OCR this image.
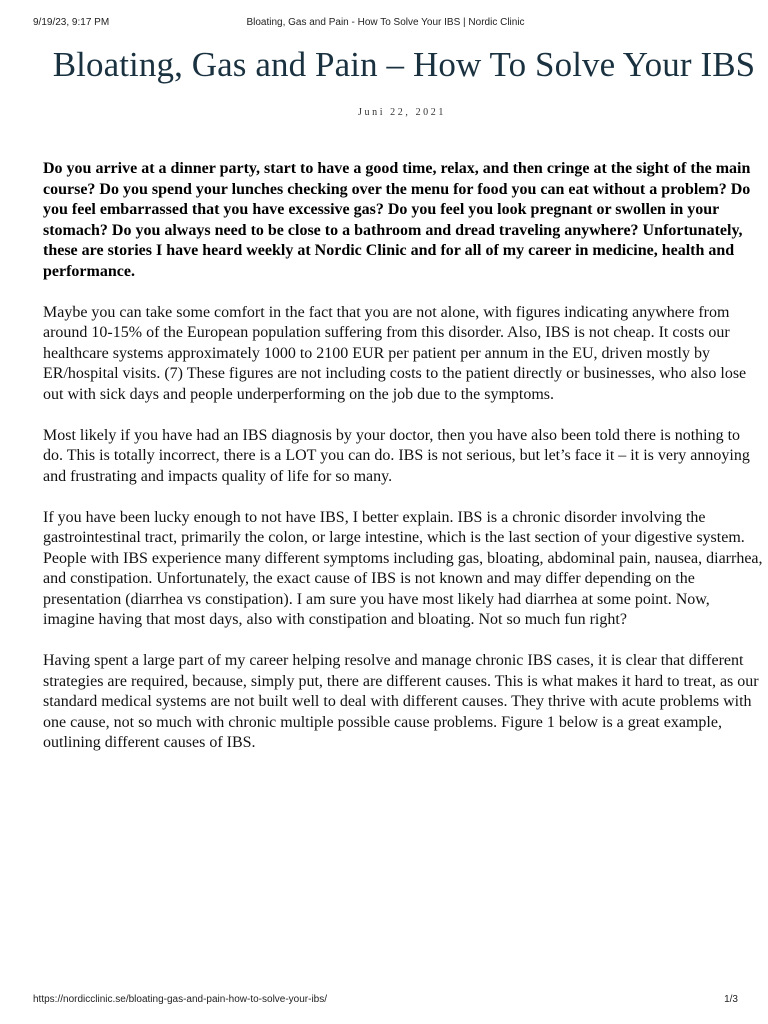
9/19/23, 9:17 PM	Bloating, Gas and Pain - How To Solve Your IBS | Nordic Clinic
Bloating, Gas and Pain – How To Solve Your IBS
Juni 22, 2021

Do you arrive at a dinner party, start to have a good time, relax, and then cringe at the sight of the main course? Do you spend your lunches checking over the menu for food you can eat without a problem? Do you feel embarrassed that you have excessive gas? Do you feel you look pregnant or swollen in your stomach? Do you always need to be close to a bathroom and dread traveling anywhere? Unfortunately, these are stories I have heard weekly at Nordic Clinic and for all of my career in medicine, health and performance.

Maybe you can take some comfort in the fact that you are not alone, with figures indicating anywhere from around 10-15% of the European population suffering from this disorder. Also, IBS is not cheap. It costs our healthcare systems approximately 1000 to 2100 EUR per patient per annum in the EU, driven mostly by ER/hospital visits. (7) These figures are not including costs to the patient directly or businesses, who also lose out with sick days and people underperforming on the job due to the symptoms.

Most likely if you have had an IBS diagnosis by your doctor, then you have also been told there is nothing to do. This is totally incorrect, there is a LOT you can do. IBS is not serious, but let’s face it – it is very annoying and frustrating and impacts quality of life for so many.

If you have been lucky enough to not have IBS, I better explain. IBS is a chronic disorder involving the gastrointestinal tract, primarily the colon, or large intestine, which is the last section of your digestive system. People with IBS experience many different symptoms including gas, bloating, abdominal pain, nausea, diarrhea, and constipation. Unfortunately, the exact cause of IBS is not known and may differ depending on the presentation (diarrhea vs constipation). I am sure you have most likely had diarrhea at some point. Now, imagine having that most days, also with constipation and bloating. Not so much fun right?

Having spent a large part of my career helping resolve and manage chronic IBS cases, it is clear that different strategies are required, because, simply put, there are different causes. This is what makes it hard to treat, as our standard medical systems are not built well to deal with different causes. They thrive with acute problems with one cause, not so much with chronic multiple possible cause problems. Figure 1 below is a great example, outlining different causes of IBS.

https://nordicclinic.se/bloating-gas-and-pain-how-to-solve-your-ibs/	1/3
